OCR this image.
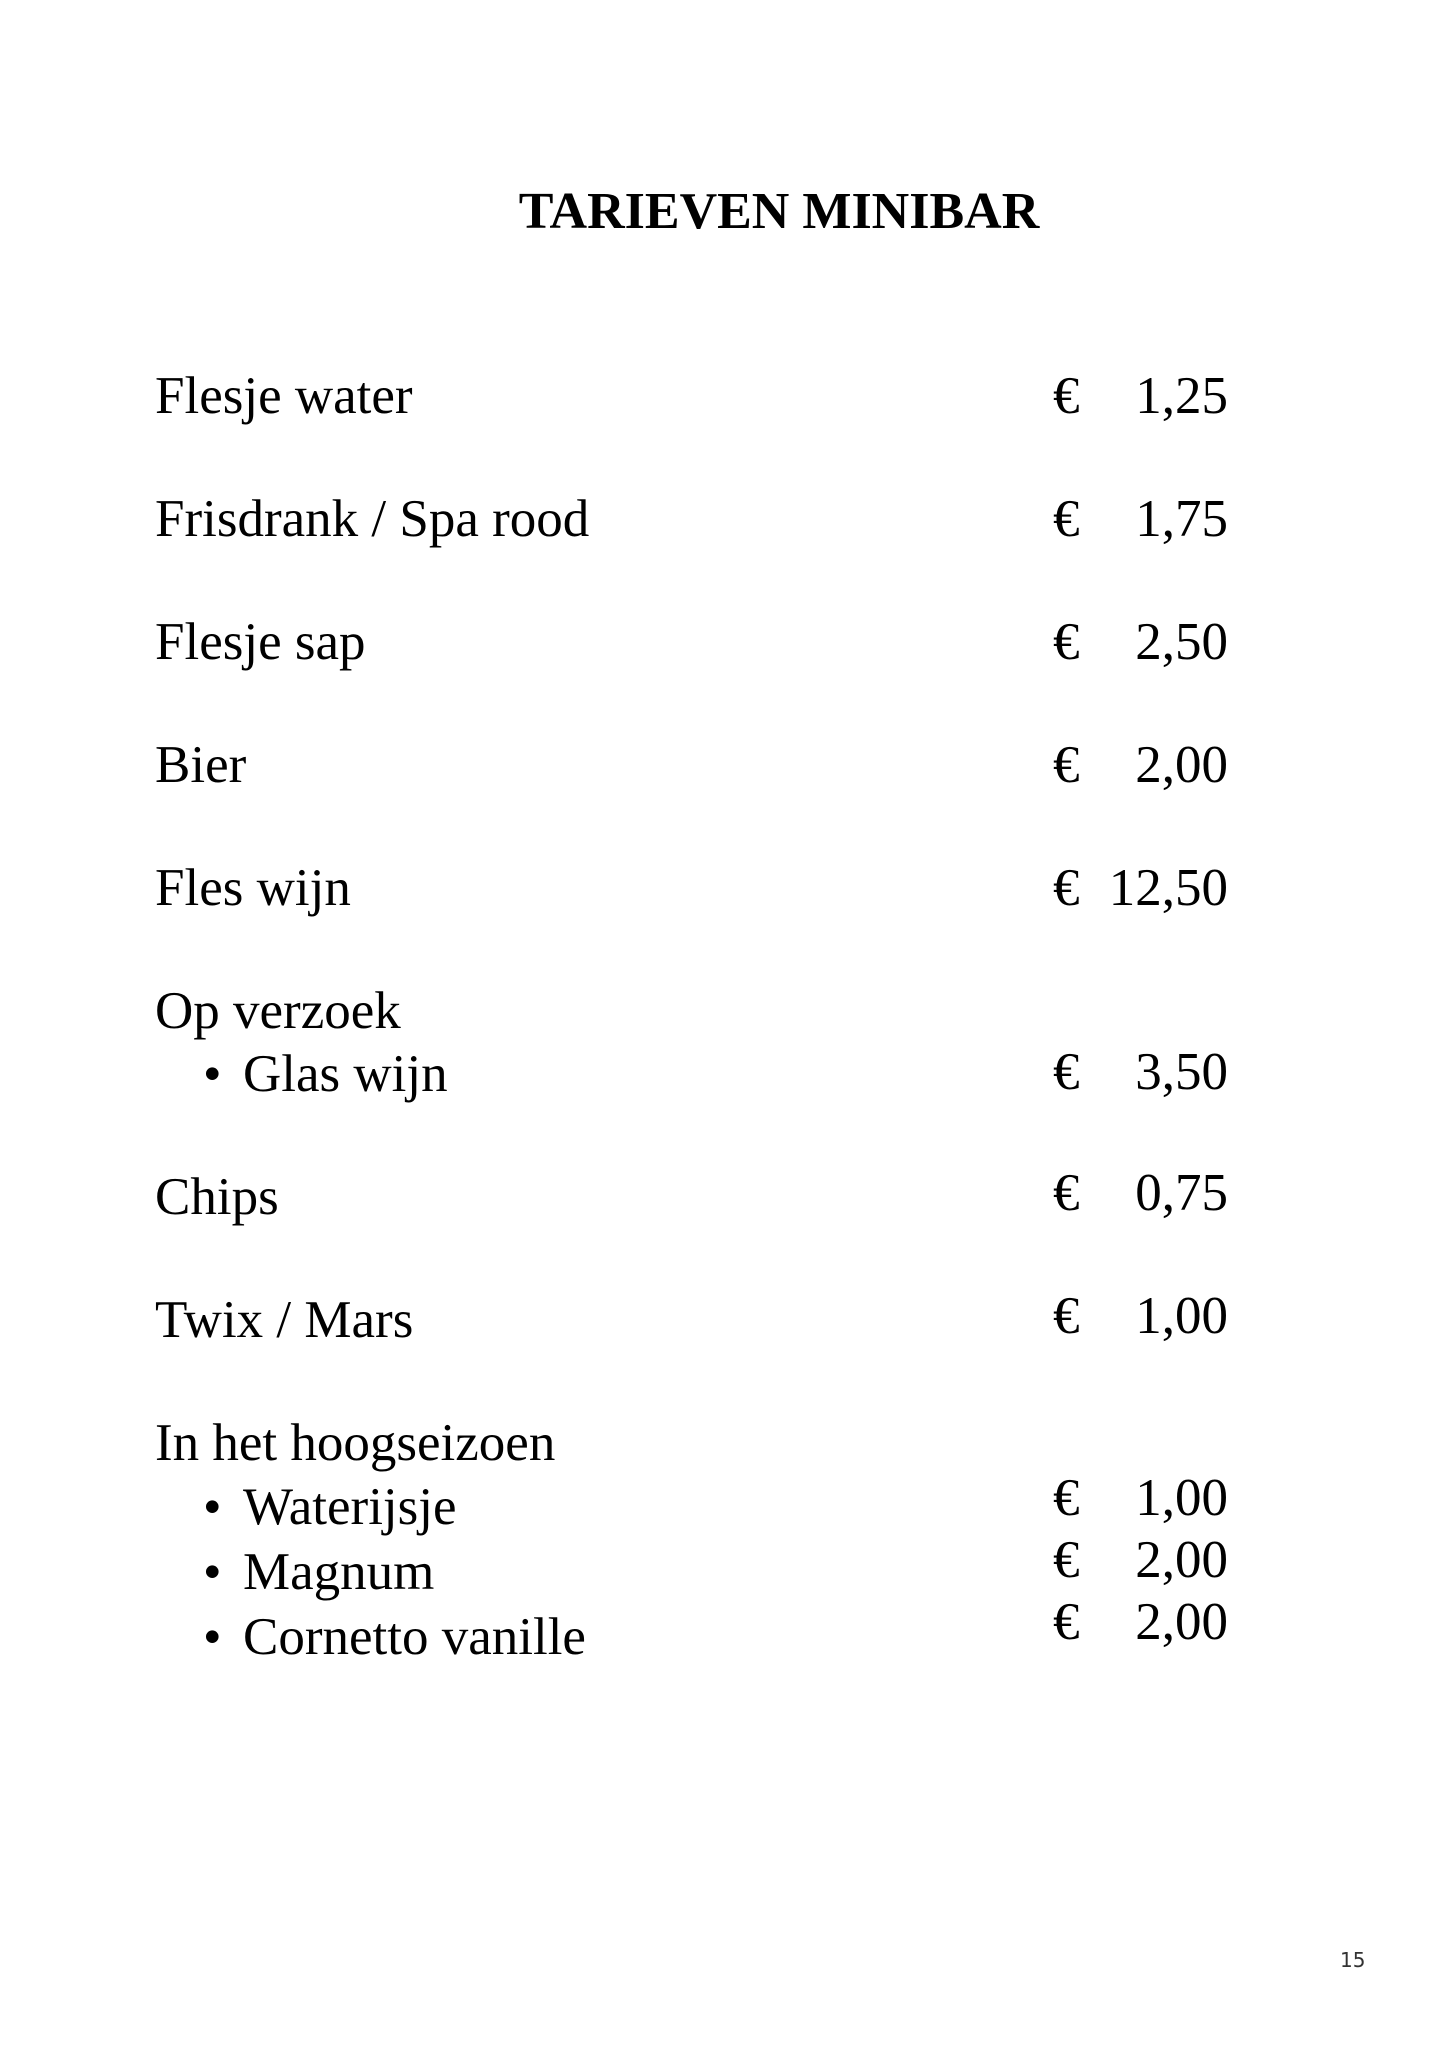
TARIEVEN MINIBAR
Flesje water	€ 1,25
Frisdrank / Spa rood	€ 1,75
Flesje sap	€ 2,50
Bier	€ 2,00
Fles wijn	€ 12,50
Op verzoek
• Glas wijn	€ 3,50
Chips	€ 0,75
Twix / Mars	€ 1,00
In het hoogseizoen
• Waterijsje	€ 1,00
• Magnum	€ 2,00
• Cornetto vanille	€ 2,00
15
